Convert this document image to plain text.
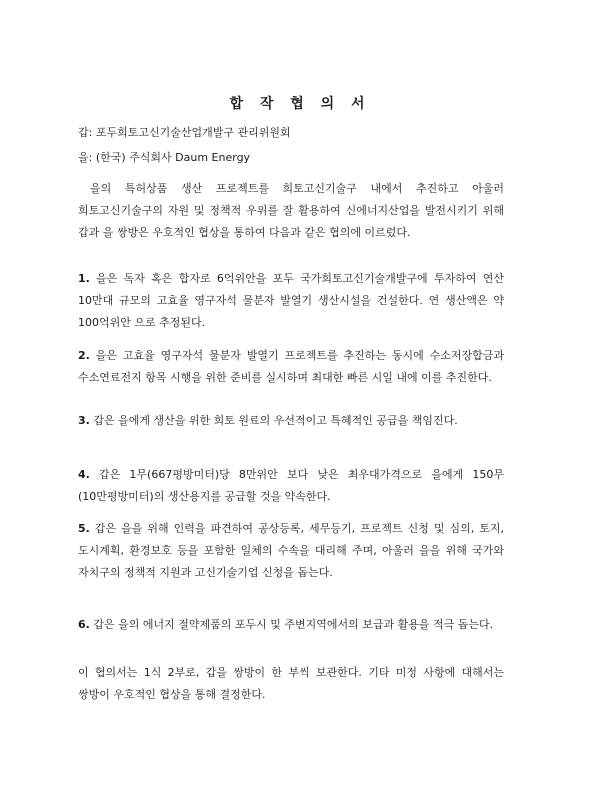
합 작 협 의 서
갑: 포두희토고신기술산업개발구 관리위원회
을: (한국) 주식회사 Daum Energy
을의 특허상품 생산 프로젝트를 희토고신기술구 내에서 추진하고 아울러 희토고신기술구의 자원 및 정책적 우위를 잘 활용하여 신에너지산업을 발전시키기 위해 갑과 을 쌍방은 우호적인 협상을 통하여 다음과 같은 협의에 이르렀다.
1. 을은 독자 혹은 합자로 6억위안을 포두 국가희토고신기술개발구에 투자하여 연산 10만대 규모의 고효율 영구자석 물분자 발열기 생산시설을 건설한다. 연 생산액은 약 100억위안 으로 추정된다.
2. 을은 고효율 영구자석 물분자 발열기 프로젝트를 추진하는 동시에 수소저장합금과 수소연료전지 항목 시행을 위한 준비를 실시하며 최대한 빠른 시일 내에 이를 추진한다.
3. 갑은 을에게 생산을 위한 희토 원료의 우선적이고 특혜적인 공급을 책임진다.
4. 갑은 1무(667평방미터)당 8만위안 보다 낮은 최우대가격으로 을에게 150무(10만평방미터)의 생산용지를 공급할 것을 약속한다.
5. 갑은 을을 위해 인력을 파견하여 공상등록, 세무등기, 프로젝트 신청 및 심의, 토지, 도시계획, 환경보호 등을 포함한 일체의 수속을 대리해 주며, 아울러 을을 위해 국가와 자치구의 정책적 지원과 고신기술기업 신청을 돕는다.
6. 갑은 을의 에너지 절약제품의 포두시 및 주변지역에서의 보급과 활용을 적극 돕는다.
이 협의서는 1식 2부로, 갑을 쌍방이 한 부씩 보관한다. 기타 미정 사항에 대해서는 쌍방이 우호적인 협상을 통해 결정한다.
